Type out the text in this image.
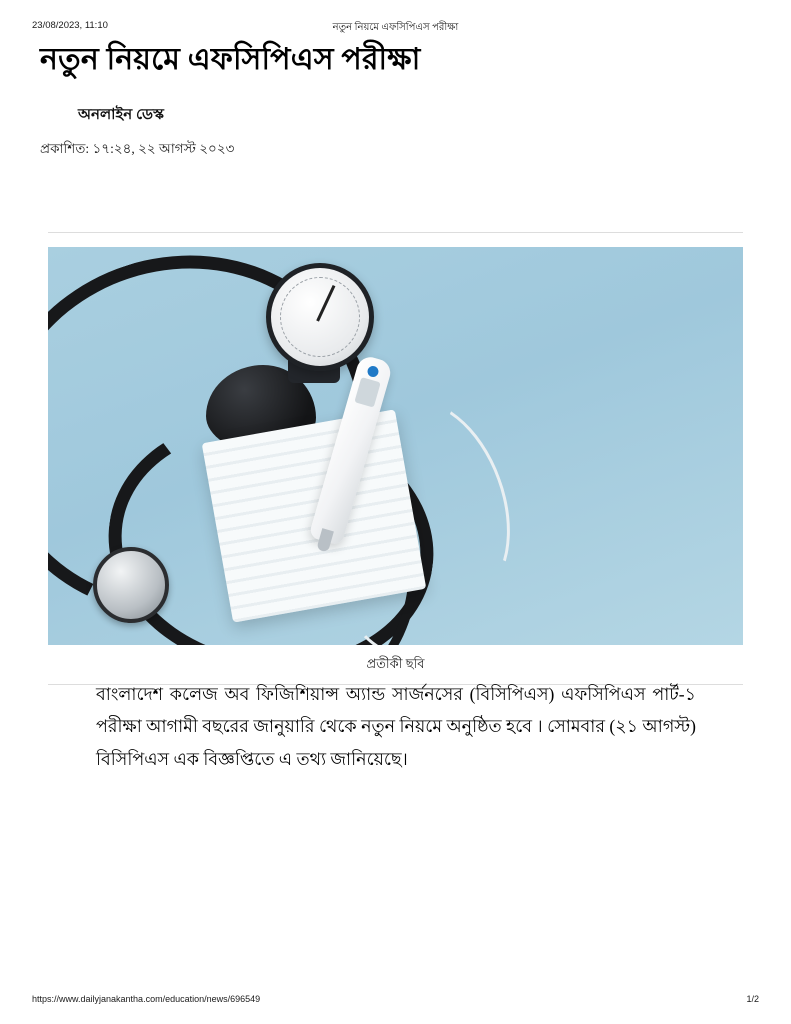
23/08/2023, 11:10	নতুন নিয়মে এফসিপিএস পরীক্ষা
নতুন নিয়মে এফসিপিএস পরীক্ষা
অনলাইন ডেস্ক
প্রকাশিত: ১৭:২৪, ২২ আগস্ট ২০২৩
প্রতীকী ছবি

বাংলাদেশ কলেজ অব ফিজিশিয়ান্স অ্যান্ড সার্জনসের (বিসিপিএস) এফসিপিএস পার্ট-১ পরীক্ষা আগামী বছরের জানুয়ারি থেকে নতুন নিয়মে অনুষ্ঠিত হবে । সোমবার (২১ আগস্ট) বিসিপিএস এক বিজ্ঞপ্তিতে এ তথ্য জানিয়েছে।

https://www.dailyjanakantha.com/education/news/696549	1/2
